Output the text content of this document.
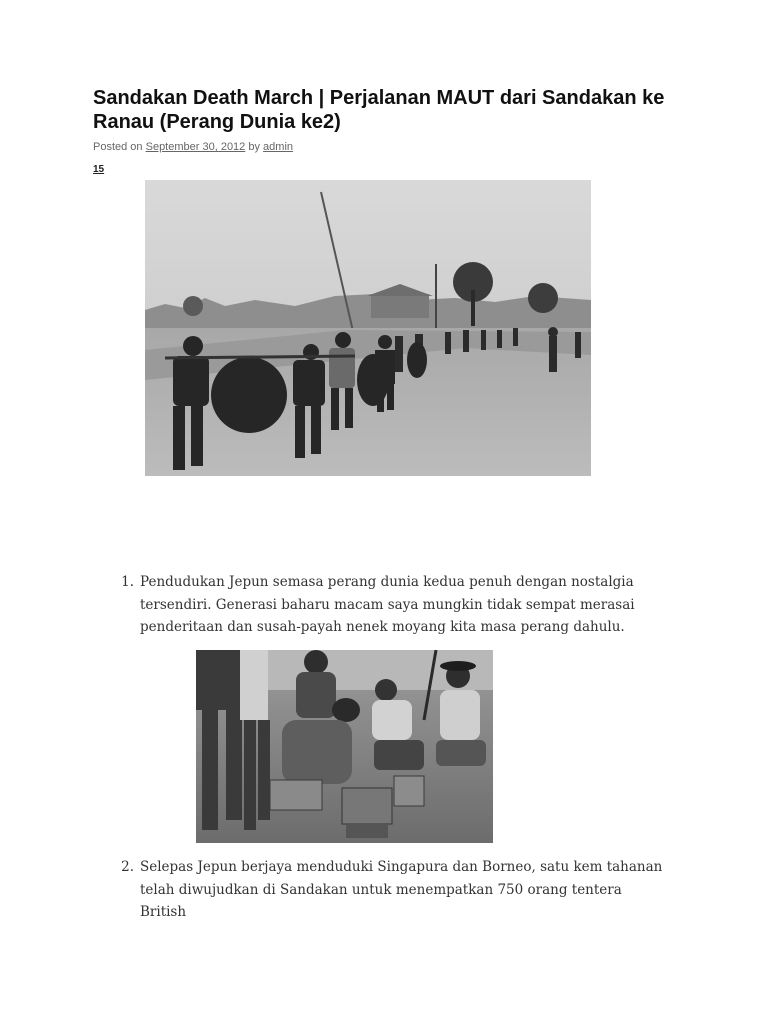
Sandakan Death March | Perjalanan MAUT dari Sandakan ke Ranau (Perang Dunia ke2)
Posted on September 30, 2012 by admin
15
1. Pendudukan Jepun semasa perang dunia kedua penuh dengan nostalgia tersendiri. Generasi baharu macam saya mungkin tidak sempat merasai penderitaan dan susah-payah nenek moyang kita masa perang dahulu.
2. Selepas Jepun berjaya menduduki Singapura dan Borneo, satu kem tahanan telah diwujudkan di Sandakan untuk menempatkan 750 orang tentera British
